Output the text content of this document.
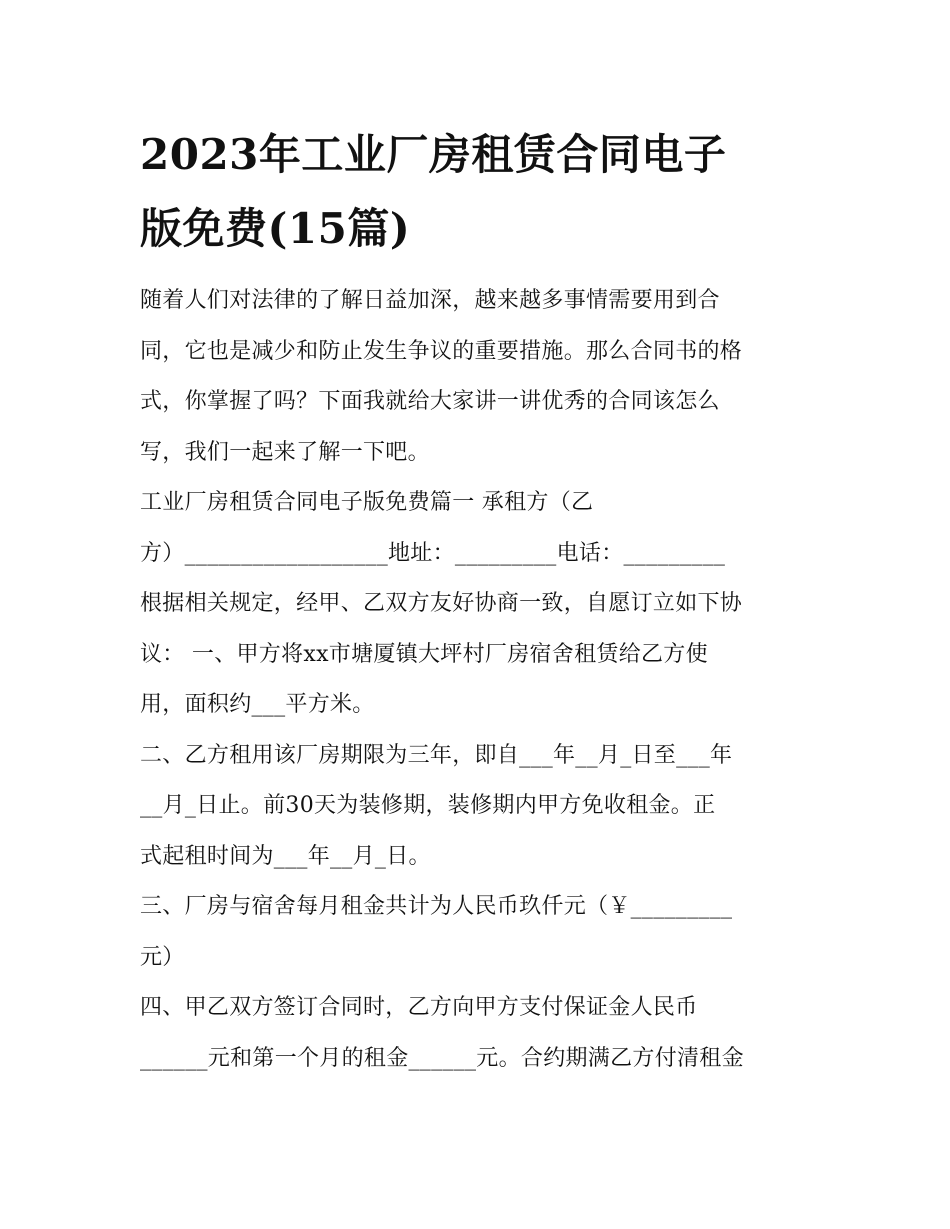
2023年工业厂房租赁合同电子
版免费(15篇)

随着人们对法律的了解日益加深，越来越多事情需要用到合
同，它也是减少和防止发生争议的重要措施。那么合同书的格
式，你掌握了吗？下面我就给大家讲一讲优秀的合同该怎么
写，我们一起来了解一下吧。

工业厂房租赁合同电子版免费篇一 承租方（乙
方）__________________地址：_________电话：_________
根据相关规定，经甲、乙双方友好协商一致，自愿订立如下协
议： 一、甲方将xx市塘厦镇大坪村厂房宿舍租赁给乙方使
用，面积约___平方米。

二、乙方租用该厂房期限为三年，即自___年__月_日至___年
__月_日止。前30天为装修期，装修期内甲方免收租金。正
式起租时间为___年__月_日。

三、厂房与宿舍每月租金共计为人民币玖仟元（￥_________
元）

四、甲乙双方签订合同时，乙方向甲方支付保证金人民币
______元和第一个月的租金______元。合约期满乙方付清租金
